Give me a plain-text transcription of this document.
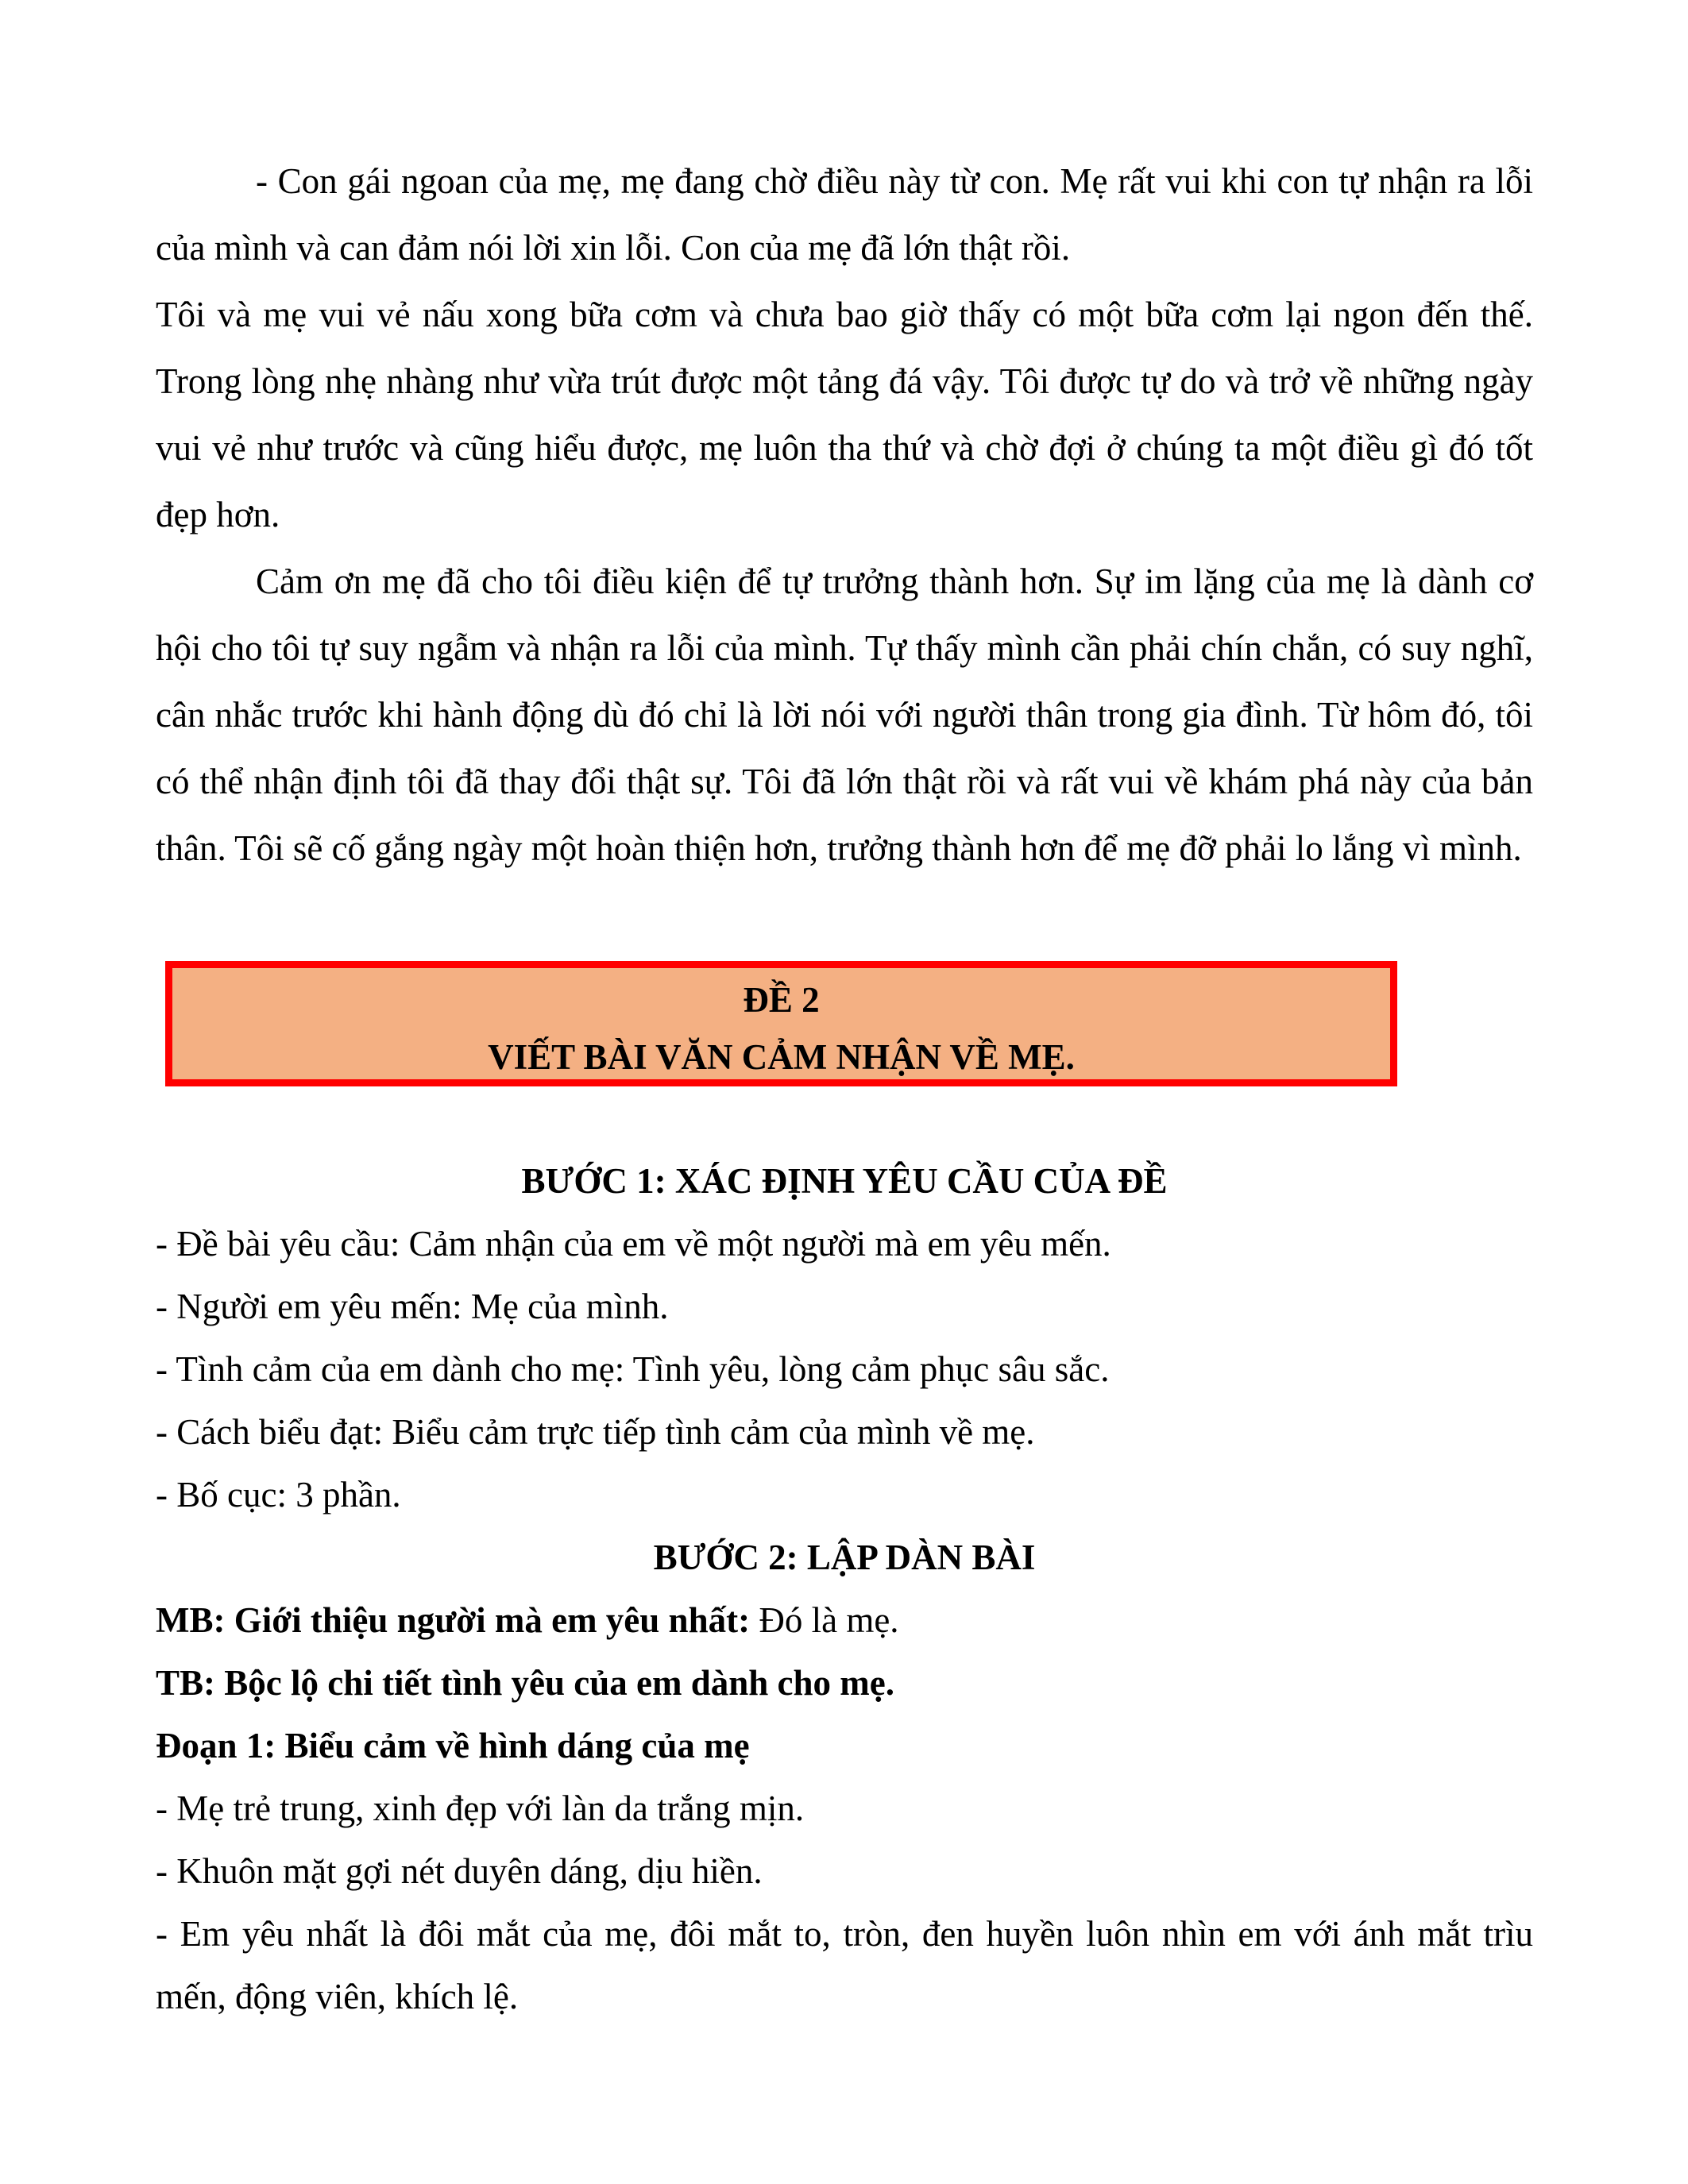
- Con gái ngoan của mẹ, mẹ đang chờ điều này từ con. Mẹ rất vui khi con tự nhận ra lỗi của mình và can đảm nói lời xin lỗi. Con của mẹ đã lớn thật rồi.

Tôi và mẹ vui vẻ nấu xong bữa cơm và chưa bao giờ thấy có một bữa cơm lại ngon đến thế. Trong lòng nhẹ nhàng như vừa trút được một tảng đá vậy. Tôi được tự do và trở về những ngày vui vẻ như trước và cũng hiểu được, mẹ luôn tha thứ và chờ đợi ở chúng ta một điều gì đó tốt đẹp hơn.

Cảm ơn mẹ đã cho tôi điều kiện để tự trưởng thành hơn. Sự im lặng của mẹ là dành cơ hội cho tôi tự suy ngẫm và nhận ra lỗi của mình. Tự thấy mình cần phải chín chắn, có suy nghĩ, cân nhắc trước khi hành động dù đó chỉ là lời nói với người thân trong gia đình. Từ hôm đó, tôi có thể nhận định tôi đã thay đổi thật sự. Tôi đã lớn thật rồi và rất vui về khám phá này của bản thân. Tôi sẽ cố gắng ngày một hoàn thiện hơn, trưởng thành hơn để mẹ đỡ phải lo lắng vì mình.

ĐỀ 2
VIẾT BÀI VĂN CẢM NHẬN VỀ MẸ.
BƯỚC 1: XÁC ĐỊNH YÊU CẦU CỦA ĐỀ
- Đề bài yêu cầu: Cảm nhận của em về một người mà em yêu mến.
- Người em yêu mến: Mẹ của mình.
- Tình cảm của em dành cho mẹ: Tình yêu, lòng cảm phục sâu sắc.
- Cách biểu đạt: Biểu cảm trực tiếp tình cảm của mình về mẹ.
- Bố cục: 3 phần.
BƯỚC 2: LẬP DÀN BÀI
MB: Giới thiệu người mà em yêu nhất: Đó là mẹ.
TB: Bộc lộ chi tiết tình yêu của em dành cho mẹ.
Đoạn 1: Biểu cảm về hình dáng của mẹ
- Mẹ trẻ trung, xinh đẹp với làn da trắng mịn.
- Khuôn mặt gợi nét duyên dáng, dịu hiền.
- Em yêu nhất là đôi mắt của mẹ, đôi mắt to, tròn, đen huyền luôn nhìn em với ánh mắt trìu mến, động viên, khích lệ.
